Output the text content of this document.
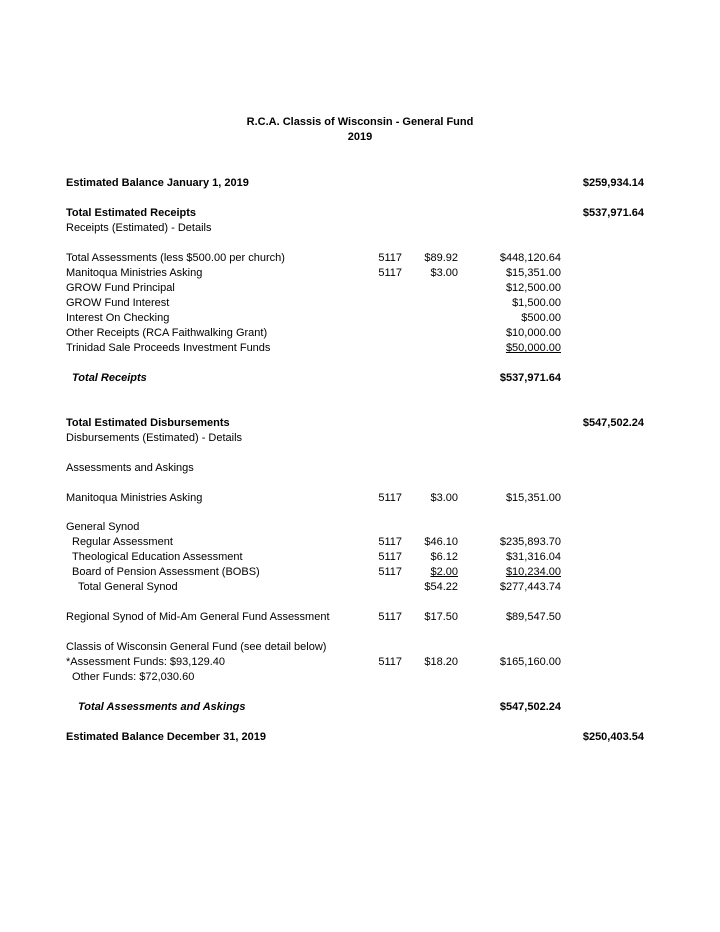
R.C.A. Classis of Wisconsin - General Fund
2019
Estimated Balance January 1, 2019	$259,934.14
Total Estimated Receipts	$537,971.64
Receipts (Estimated) - Details
Total Assessments (less $500.00 per church)	5117	$89.92	$448,120.64
Manitoqua Ministries Asking	5117	$3.00	$15,351.00
GROW Fund Principal	$12,500.00
GROW Fund Interest	$1,500.00
Interest On Checking	$500.00
Other Receipts (RCA Faithwalking Grant)	$10,000.00
Trinidad Sale Proceeds Investment Funds	$50,000.00
Total Receipts	$537,971.64
Total Estimated Disbursements	$547,502.24
Disbursements (Estimated) - Details
Assessments and Askings
Manitoqua Ministries Asking	5117	$3.00	$15,351.00
General Synod
Regular Assessment	5117	$46.10	$235,893.70
Theological Education Assessment	5117	$6.12	$31,316.04
Board of Pension Assessment (BOBS)	5117	$2.00	$10,234.00
Total General Synod	$54.22	$277,443.74
Regional Synod of Mid-Am General Fund Assessment	5117	$17.50	$89,547.50
Classis of Wisconsin General Fund (see detail below)
*Assessment Funds: $93,129.40	5117	$18.20	$165,160.00
Other Funds: $72,030.60
Total Assessments and Askings	$547,502.24
Estimated Balance December 31, 2019	$250,403.54
